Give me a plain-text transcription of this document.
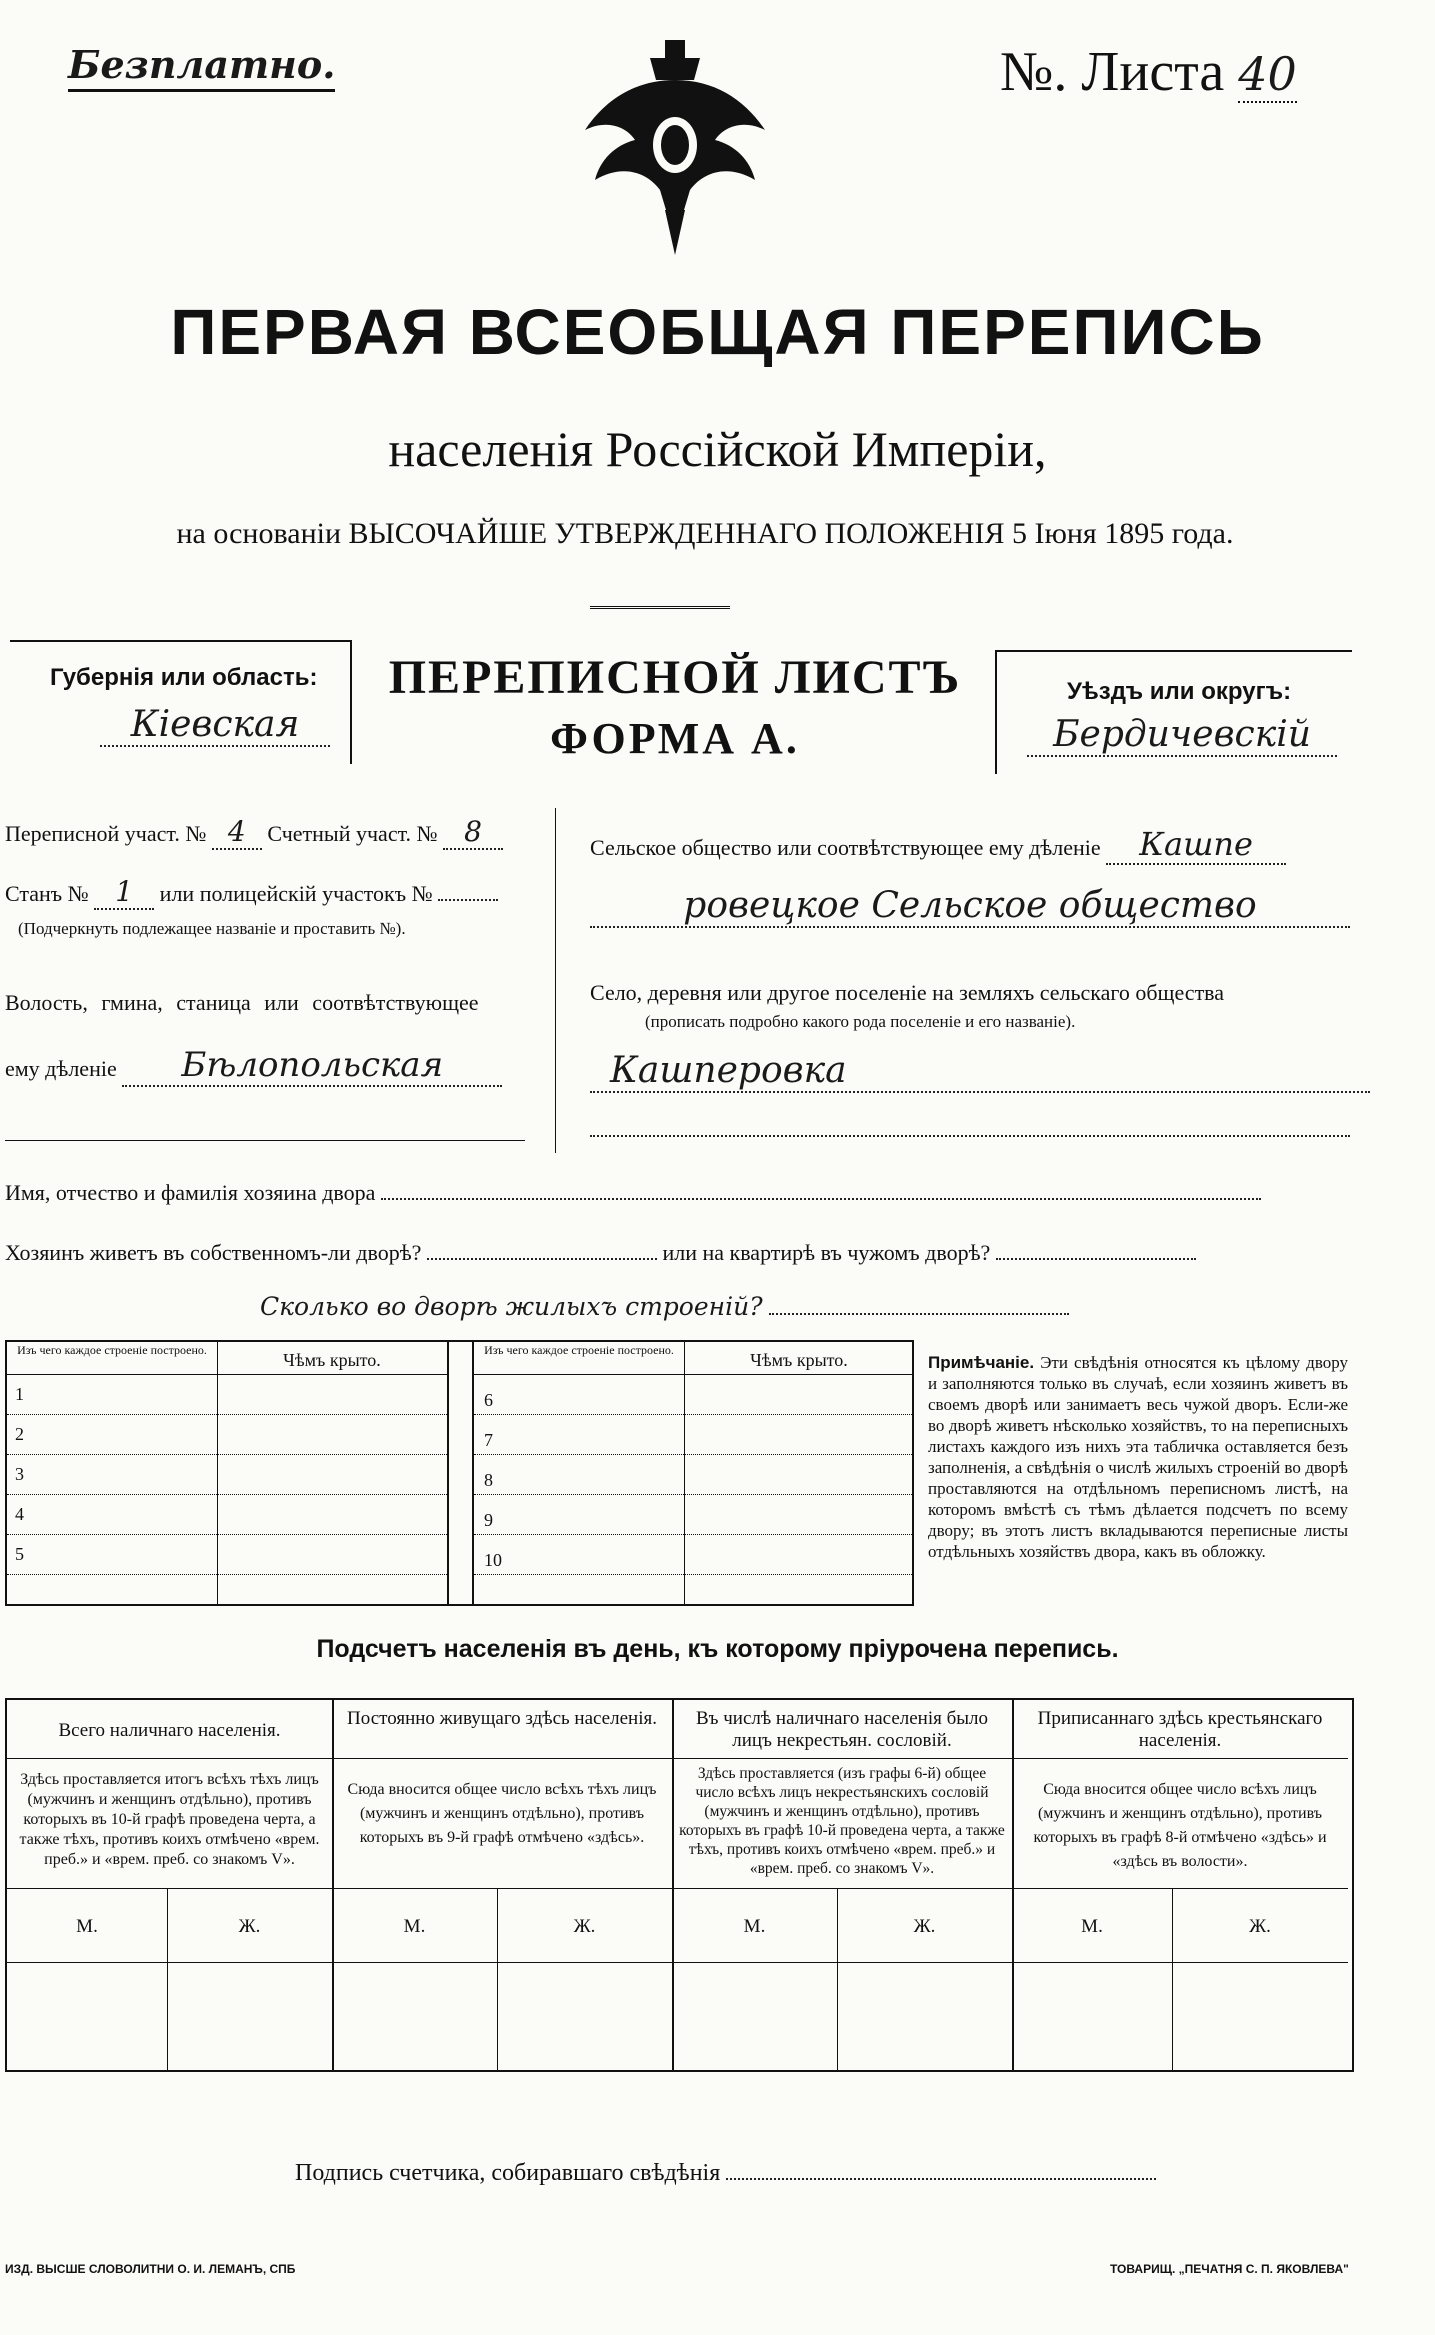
Безплатно.	№. Листа 40
ПЕРВАЯ ВСЕОБЩАЯ ПЕРЕПИСЬ
населенія Россійской Имперіи,
на основаніи ВЫСОЧАЙШЕ УТВЕРЖДЕННАГО ПОЛОЖЕНІЯ 5 Іюня 1895 года.
Губернія или область:
Кіевская
ПЕРЕПИСНОЙ ЛИСТЪ
ФОРМА А.
Уѣздъ или округъ:
Бердичевскій
Переписной участ. № 4 Счетный участ. № 8
Станъ № 1 или полицейскій участокъ №
(Подчеркнуть подлежащее названіе и проставить №).
Волость, гмина, станица или соотвѣтствующее
ему дѣленіе Бѣлопольская
Сельское общество или соотвѣтствующее ему дѣленіе Кашпе
ровецкое Сельское общество
Село, деревня или другое поселеніе на земляхъ сельскаго общества
(прописать подробно какого рода поселеніе и его названіе).
Кашперовка
Имя, отчество и фамилія хозяина двора
Хозяинъ живетъ въ собственномъ-ли дворѣ?	или на квартирѣ въ чужомъ дворѣ?
Сколько во дворѣ жилыхъ строеній?
Изъ чего каждое строеніе построено.	Чѣмъ крыто.
1
2
3
4
5
Изъ чего каждое строеніе построено.	Чѣмъ крыто.
6
7
8
9
10
Примѣчаніе. Эти свѣдѣнія относятся къ цѣлому двору и заполняются только въ случаѣ, если хозяинъ живетъ въ своемъ дворѣ или занимаетъ весь чужой дворъ. Если-же во дворѣ живетъ нѣсколько хозяйствъ, то на переписныхъ листахъ каждого изъ нихъ эта табличка оставляется безъ заполненія, а свѣдѣнія о числѣ жилыхъ строеній во дворѣ проставляются на отдѣльномъ переписномъ листѣ, на которомъ вмѣстѣ съ тѣмъ дѣлается подсчетъ по всему двору; въ этотъ листъ вкладываются переписные листы отдѣльныхъ хозяйствъ двора, какъ въ обложку.
Подсчетъ населенія въ день, къ которому пріурочена перепись.
Всего наличнаго населенія.
Здѣсь проставляется итогъ всѣхъ тѣхъ лицъ (мужчинъ и женщинъ отдѣльно), противъ которыхъ въ 10-й графѣ проведена черта, а также тѣхъ, противъ коихъ отмѣчено «врем. преб.» и «врем. преб. со знакомъ V».
М.	Ж.
Постоянно живущаго здѣсь населенія.
Сюда вносится общее число всѣхъ тѣхъ лицъ (мужчинъ и женщинъ отдѣльно), противъ которыхъ въ 9-й графѣ отмѣчено «здѣсь».
М.	Ж.
Въ числѣ наличнаго населенія было лицъ некрестьян. сословій.
Здѣсь проставляется (изъ графы 6-й) общее число всѣхъ лицъ некрестьянскихъ сословій (мужчинъ и женщинъ отдѣльно), противъ которыхъ въ графѣ 10-й проведена черта, а также тѣхъ, противъ коихъ отмѣчено «врем. преб.» и «врем. преб. со знакомъ V».
М.	Ж.
Приписаннаго здѣсь крестьянскаго населенія.
Сюда вносится общее число всѣхъ лицъ (мужчинъ и женщинъ отдѣльно), противъ которыхъ въ графѣ 8-й отмѣчено «здѣсь» и «здѣсь въ волости».
М.	Ж.
Подпись счетчика, собиравшаго свѣдѣнія
ИЗД. ВЫСШЕ СЛОВОЛИТНИ О. И. ЛЕМАНЪ, СПБ	ТОВАРИЩ. „ПЕЧАТНЯ С. П. ЯКОВЛЕВА"
